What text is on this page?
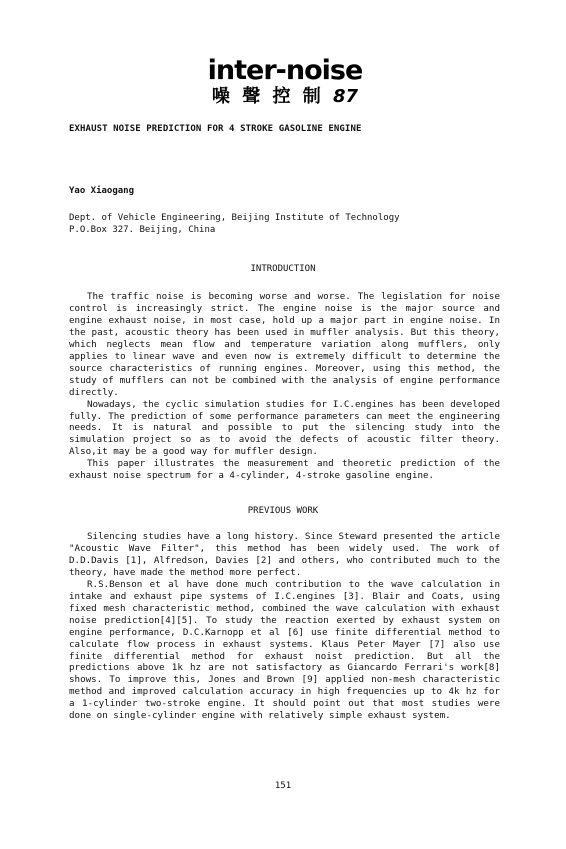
inter-noise
噪 聲 控 制 87
EXHAUST NOISE PREDICTION FOR 4 STROKE GASOLINE ENGINE
Yao Xiaogang
Dept. of Vehicle Engineering, Beijing Institute of Technology
P.O.Box 327. Beijing, China
INTRODUCTION

The traffic noise is becoming worse and worse. The legislation for noise control is increasingly strict. The engine noise is the major source and engine exhaust noise, in most case, hold up a major part in engine noise. In the past, acoustic theory has been used in muffler analysis. But this theory, which neglects mean flow and temperature variation along mufflers, only applies to linear wave and even now is extremely difficult to determine the source characteristics of running engines. Moreover, using this method, the study of mufflers can not be combined with the analysis of engine performance directly.

Nowadays, the cyclic simulation studies for I.C.engines has been developed fully. The prediction of some performance parameters can meet the engineering needs. It is natural and possible to put the silencing study into the simulation project so as to avoid the defects of acoustic filter theory. Also,it may be a good way for muffler design.

This paper illustrates the measurement and theoretic prediction of the exhaust noise spectrum for a 4-cylinder, 4-stroke gasoline engine.

PREVIOUS WORK

Silencing studies have a long history. Since Steward presented the article "Acoustic Wave Filter", this method has been widely used. The work of D.D.Davis [1], Alfredson, Davies [2] and others, who contributed much to the theory, have made the method more perfect.

R.S.Benson et al have done much contribution to the wave calculation in intake and exhaust pipe systems of I.C.engines [3]. Blair and Coats, using fixed mesh characteristic method, combined the wave calculation with exhaust noise prediction[4][5]. To study the reaction exerted by exhaust system on engine performance, D.C.Karnopp et al [6] use finite differential method to calculate flow process in exhaust systems. Klaus Peter Mayer [7] also use finite differential method for exhaust noist prediction. But all the predictions above 1k hz are not satisfactory as Giancardo Ferrari's work[8] shows. To improve this, Jones and Brown [9] applied non-mesh characteristic method and improved calculation accuracy in high frequencies up to 4k hz for a 1-cylinder two-stroke engine. It should point out that most studies were done on single-cylinder engine with relatively simple exhaust system.

151
